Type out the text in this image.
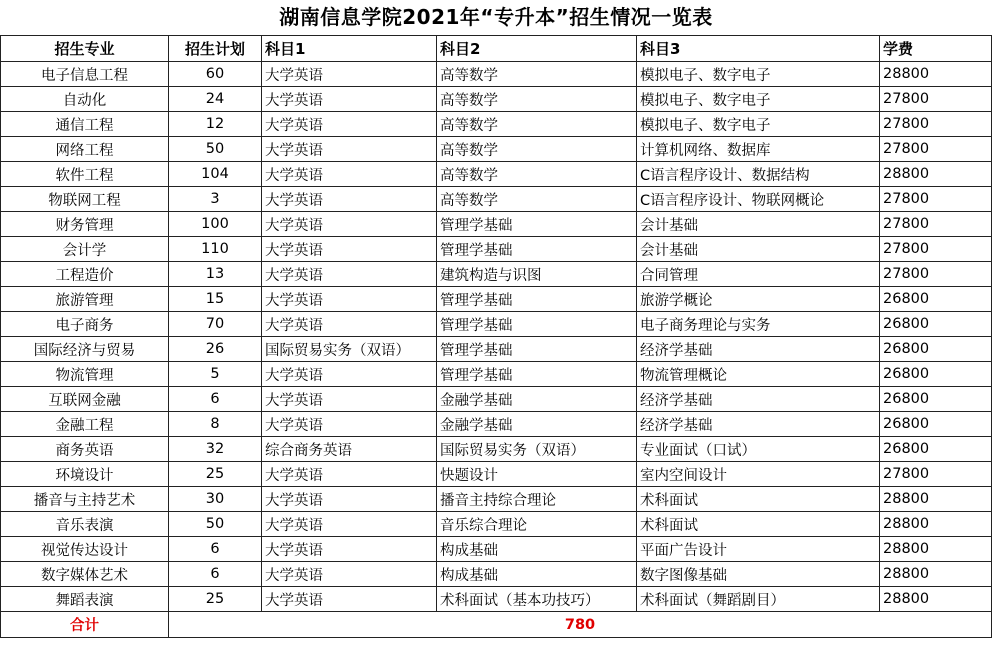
湖南信息学院2021年“专升本”招生情况一览表
招生专业	招生计划	科目1	科目2	科目3	学费
电子信息工程	60	大学英语	高等数学	模拟电子、数字电子	28800
自动化	24	大学英语	高等数学	模拟电子、数字电子	27800
通信工程	12	大学英语	高等数学	模拟电子、数字电子	27800
网络工程	50	大学英语	高等数学	计算机网络、数据库	27800
软件工程	104	大学英语	高等数学	C语言程序设计、数据结构	28800
物联网工程	3	大学英语	高等数学	C语言程序设计、物联网概论	27800
财务管理	100	大学英语	管理学基础	会计基础	27800
会计学	110	大学英语	管理学基础	会计基础	27800
工程造价	13	大学英语	建筑构造与识图	合同管理	27800
旅游管理	15	大学英语	管理学基础	旅游学概论	26800
电子商务	70	大学英语	管理学基础	电子商务理论与实务	26800
国际经济与贸易	26	国际贸易实务（双语）	管理学基础	经济学基础	26800
物流管理	5	大学英语	管理学基础	物流管理概论	26800
互联网金融	6	大学英语	金融学基础	经济学基础	26800
金融工程	8	大学英语	金融学基础	经济学基础	26800
商务英语	32	综合商务英语	国际贸易实务（双语）	专业面试（口试）	26800
环境设计	25	大学英语	快题设计	室内空间设计	27800
播音与主持艺术	30	大学英语	播音主持综合理论	术科面试	28800
音乐表演	50	大学英语	音乐综合理论	术科面试	28800
视觉传达设计	6	大学英语	构成基础	平面广告设计	28800
数字媒体艺术	6	大学英语	构成基础	数字图像基础	28800
舞蹈表演	25	大学英语	术科面试（基本功技巧）	术科面试（舞蹈剧目）	28800
合计	780				
